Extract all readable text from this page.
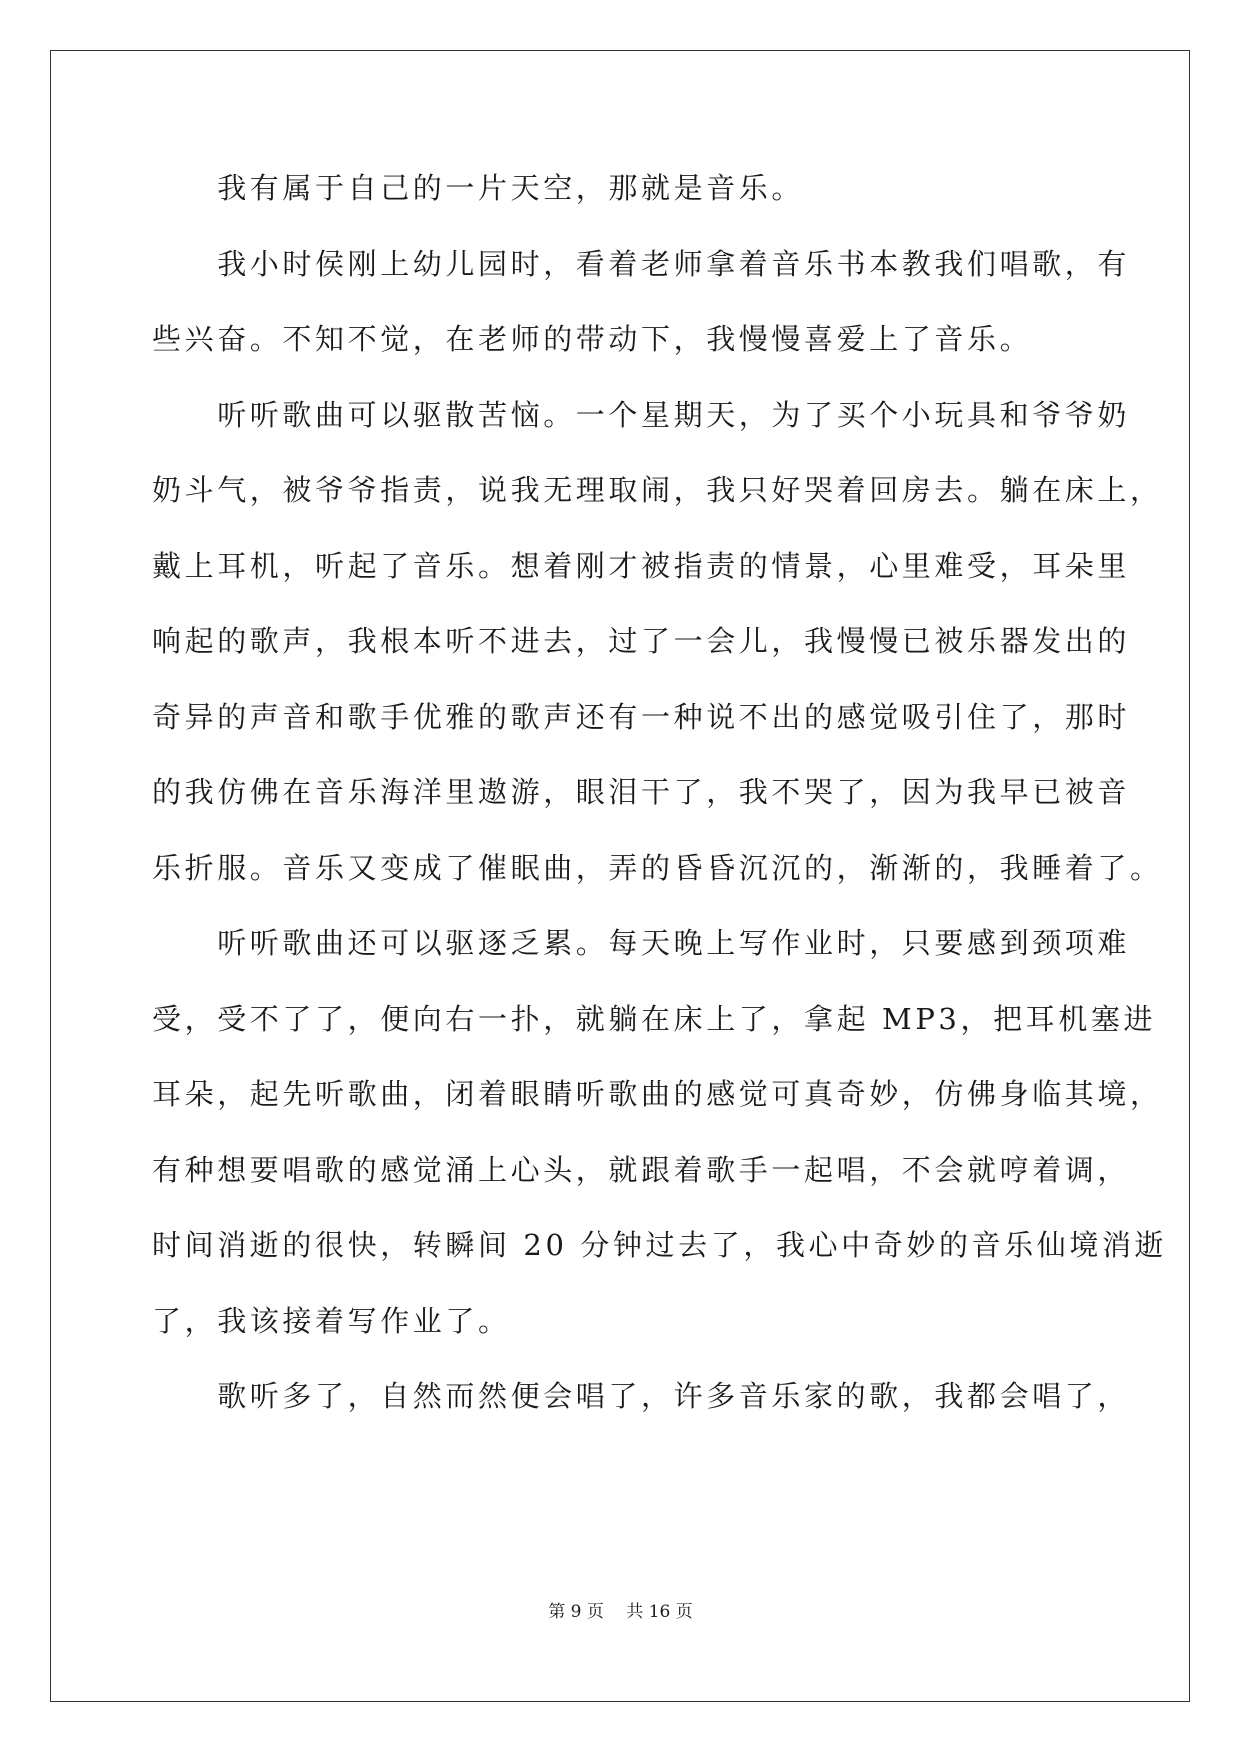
　　我有属于自己的一片天空，那就是音乐。
　　我小时侯刚上幼儿园时，看着老师拿着音乐书本教我们唱歌，有
些兴奋。不知不觉，在老师的带动下，我慢慢喜爱上了音乐。
　　听听歌曲可以驱散苦恼。一个星期天，为了买个小玩具和爷爷奶
奶斗气，被爷爷指责，说我无理取闹，我只好哭着回房去。躺在床上，
戴上耳机，听起了音乐。想着刚才被指责的情景，心里难受，耳朵里
响起的歌声，我根本听不进去，过了一会儿，我慢慢已被乐器发出的
奇异的声音和歌手优雅的歌声还有一种说不出的感觉吸引住了，那时
的我仿佛在音乐海洋里遨游，眼泪干了，我不哭了，因为我早已被音
乐折服。音乐又变成了催眠曲，弄的昏昏沉沉的，渐渐的，我睡着了。
　　听听歌曲还可以驱逐乏累。每天晚上写作业时，只要感到颈项难
受，受不了了，便向右一扑，就躺在床上了，拿起 MP3，把耳机塞进
耳朵，起先听歌曲，闭着眼睛听歌曲的感觉可真奇妙，仿佛身临其境，
有种想要唱歌的感觉涌上心头，就跟着歌手一起唱，不会就哼着调，
时间消逝的很快，转瞬间 20 分钟过去了，我心中奇妙的音乐仙境消逝
了，我该接着写作业了。
　　歌听多了，自然而然便会唱了，许多音乐家的歌，我都会唱了，
第 9 页　 共 16 页
